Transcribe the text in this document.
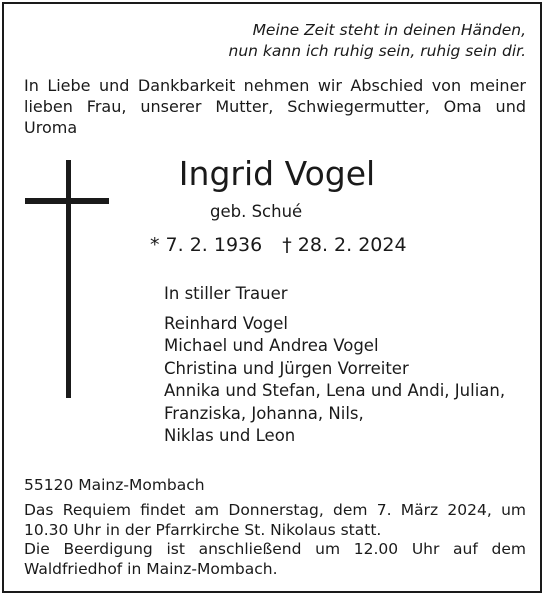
Meine Zeit steht in deinen Händen,
nun kann ich ruhig sein, ruhig sein dir.
In Liebe und Dankbarkeit nehmen wir Abschied von meiner
lieben Frau, unserer Mutter, Schwiegermutter, Oma und
Uroma
Ingrid Vogel
geb. Schué
* 7. 2. 1936 † 28. 2. 2024
In stiller Trauer
Reinhard Vogel
Michael und Andrea Vogel
Christina und Jürgen Vorreiter
Annika und Stefan, Lena und Andi, Julian,
Franziska, Johanna, Nils,
Niklas und Leon
55120 Mainz-Mombach
Das Requiem findet am Donnerstag, dem 7. März 2024, um
10.30 Uhr in der Pfarrkirche St. Nikolaus statt.
Die Beerdigung ist anschließend um 12.00 Uhr auf dem
Waldfriedhof in Mainz-Mombach.
